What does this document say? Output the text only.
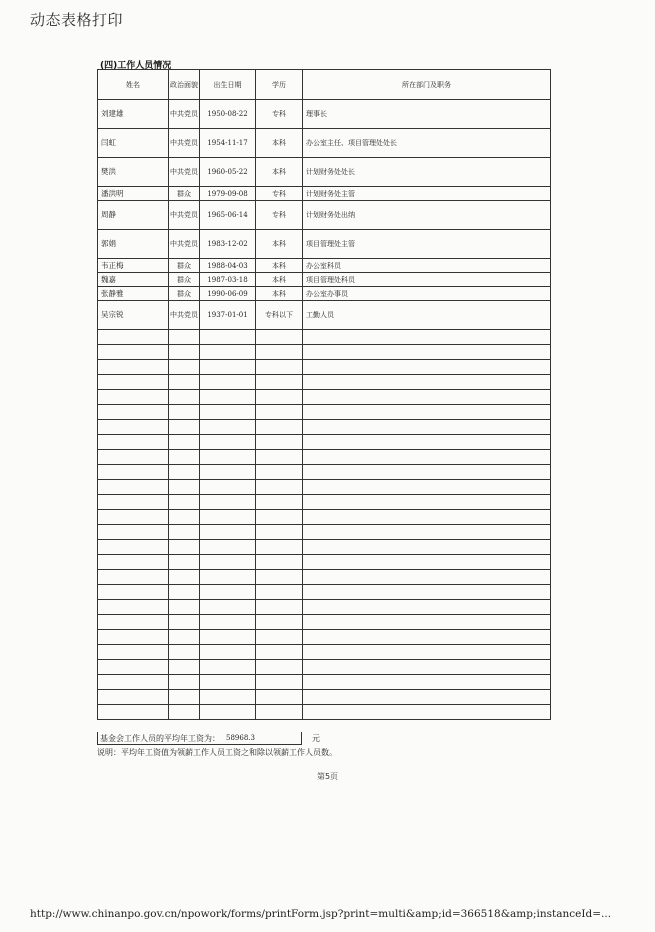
动态表格打印
(四)工作人员情况
姓名	政治面貌	出生日期	学历	所在部门及职务
刘建雄	中共党员	1950-08-22	专科	理事长
闫虹	中共党员	1954-11-17	本科	办公室主任、项目管理处处长
樊洪	中共党员	1960-05-22	本科	计划财务处处长
潘洪明	群众	1979-09-08	专科	计划财务处主管
周静	中共党员	1965-06-14	专科	计划财务处出纳
郭娟	中共党员	1983-12-02	本科	项目管理处主管
韦正梅	群众	1988-04-03	本科	办公室科员
魏嘉	群众	1987-03-18	本科	项目管理处科员
张静雅	群众	1990-06-09	本科	办公室办事员
吴宗锐	中共党员	1937-01-01	专科以下	工勤人员

基金会工作人员的平均年工资为： 58968.3	元
说明：平均年工资值为领薪工作人员工资之和除以领薪工作人员数。
第5页
http://www.chinanpo.gov.cn/npowork/forms/printForm.jsp?print=multi&amp;id=366518&amp;instanceId=...
